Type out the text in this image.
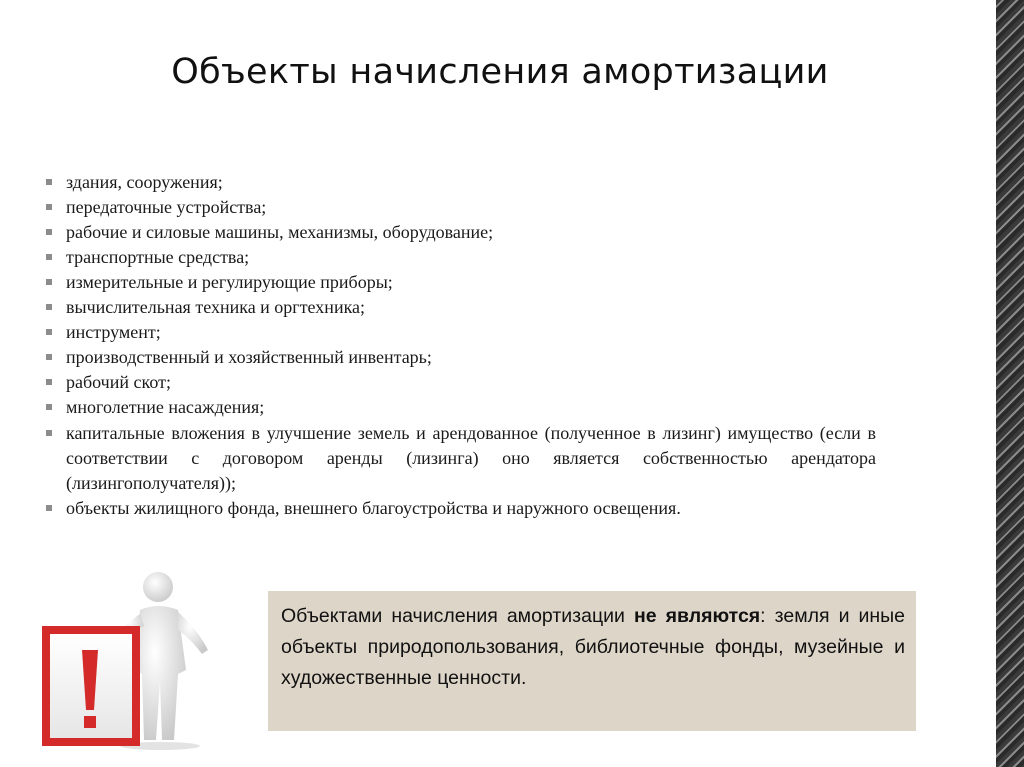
Объекты начисления амортизации
здания, сооружения;
передаточные устройства;
рабочие и силовые машины, механизмы, оборудование;
транспортные средства;
измерительные и регулирующие приборы;
вычислительная техника и оргтехника;
инструмент;
производственный и хозяйственный инвентарь;
рабочий скот;
многолетние насаждения;
капитальные вложения в улучшение земель и арендованное (полученное в лизинг) имущество (если в соответствии с договором аренды (лизинга) оно является собственностью арендатора (лизингополучателя));
объекты жилищного фонда, внешнего благоустройства и наружного освещения.

Объектами начисления амортизации не являются: земля и иные объекты природопользования, библиотечные фонды, музейные и художественные ценности.
